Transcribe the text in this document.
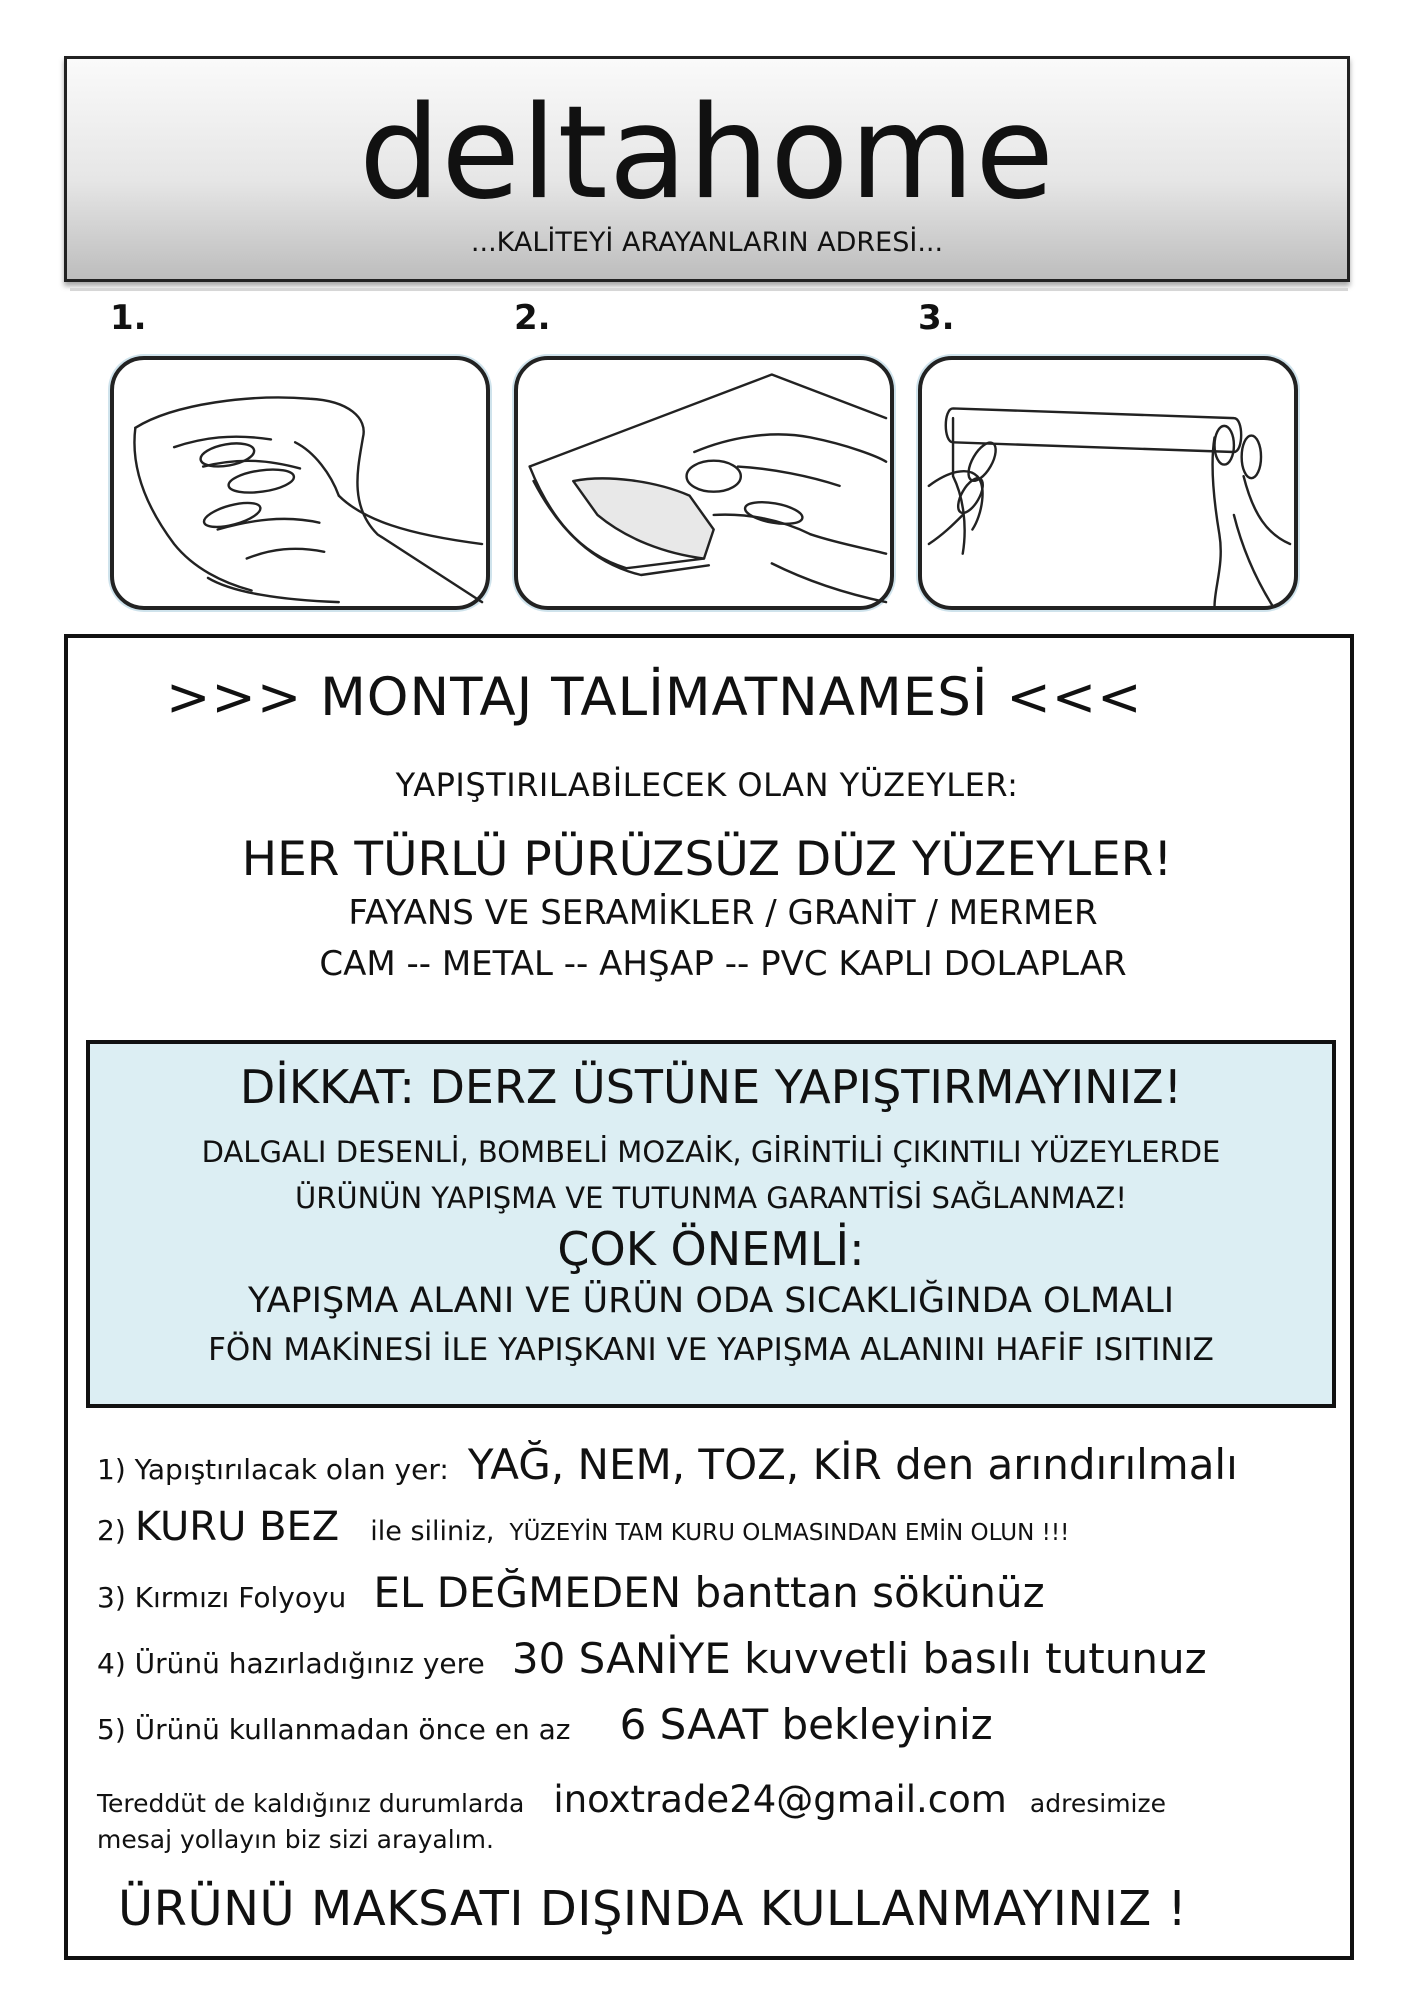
deltahome
...KALİTEYİ ARAYANLARIN ADRESİ...
1.	2.	3.
>>> MONTAJ TALİMATNAMESİ <<<
YAPIŞTIRILABİLECEK OLAN YÜZEYLER:
HER TÜRLÜ PÜRÜZSÜZ DÜZ YÜZEYLER!
FAYANS VE SERAMİKLER / GRANİT / MERMER
CAM -- METAL -- AHŞAP -- PVC KAPLI DOLAPLAR
DİKKAT: DERZ ÜSTÜNE YAPIŞTIRMAYINIZ!
DALGALI DESENLİ, BOMBELİ MOZAİK, GİRİNTİLİ ÇIKINTILI YÜZEYLERDE
ÜRÜNÜN YAPIŞMA VE TUTUNMA GARANTİSİ SAĞLANMAZ!
ÇOK ÖNEMLİ:
YAPIŞMA ALANI VE ÜRÜN ODA SICAKLIĞINDA OLMALI
FÖN MAKİNESİ İLE YAPIŞKANI VE YAPIŞMA ALANINI HAFİF ISITINIZ
1) Yapıştırılacak olan yer: YAĞ, NEM, TOZ, KİR den arındırılmalı
2) KURU BEZ ile siliniz, YÜZEYİN TAM KURU OLMASINDAN EMİN OLUN !!!
3) Kırmızı Folyoyu EL DEĞMEDEN banttan sökünüz
4) Ürünü hazırladığınız yere 30 SANİYE kuvvetli basılı tutunuz
5) Ürünü kullanmadan önce en az 6 SAAT bekleyiniz
Tereddüt de kaldığınız durumlarda inoxtrade24@gmail.com adresimize
mesaj yollayın biz sizi arayalım.
ÜRÜNÜ MAKSATI DIŞINDA KULLANMAYINIZ !
